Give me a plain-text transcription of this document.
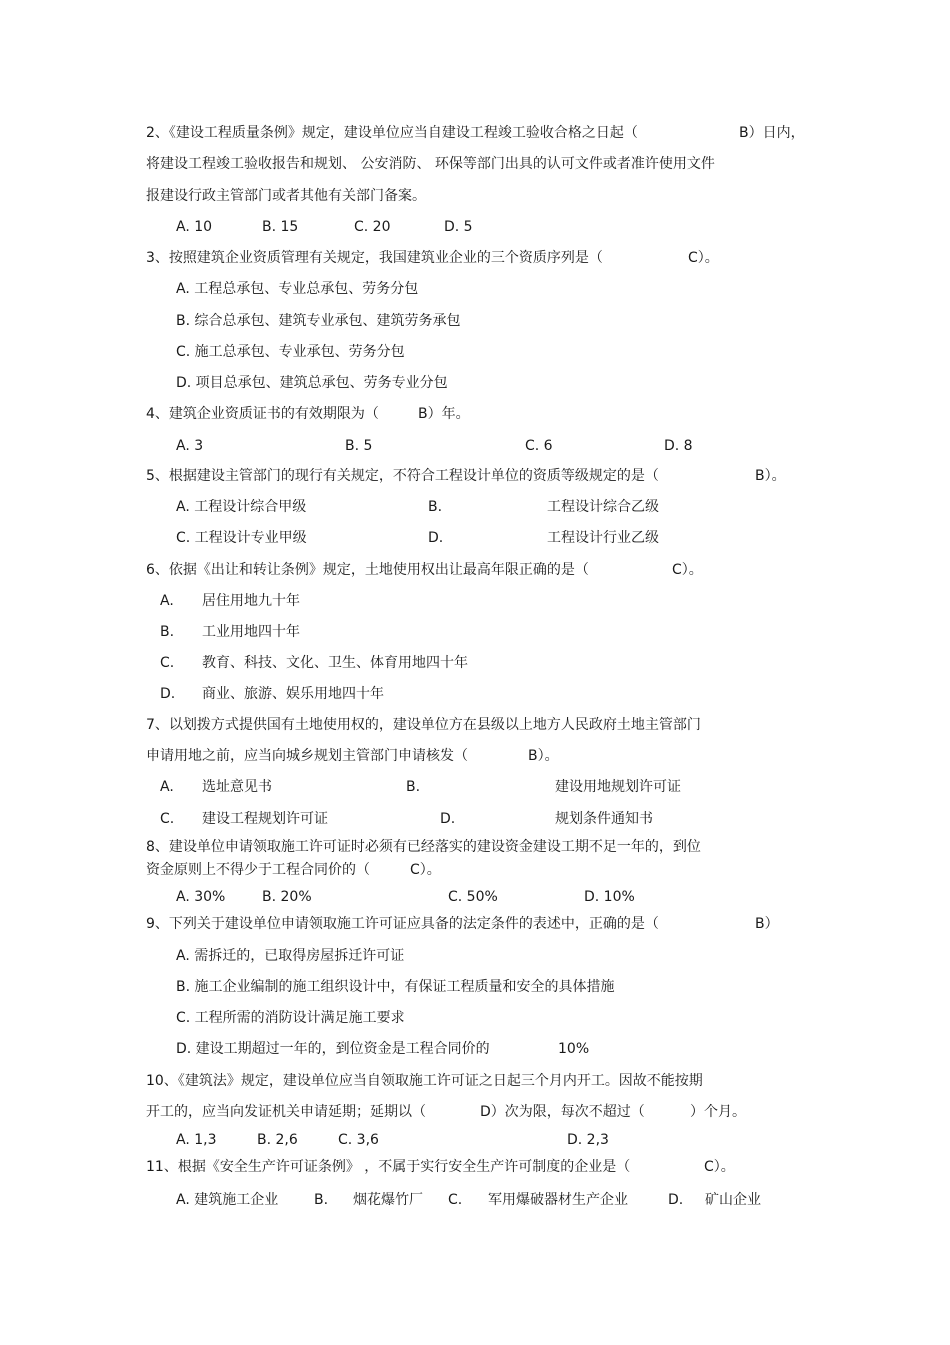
2、《建设工程质量条例》规定，建设单位应当自建设工程竣工验收合格之日起（	B）日内，
将建设工程竣工验收报告和规划、 公安消防、 环保等部门出具的认可文件或者准许使用文件
报建设行政主管部门或者其他有关部门备案。
A. 10	B. 15	C. 20	D. 5
3、按照建筑企业资质管理有关规定，我国建筑业企业的三个资质序列是（	C）。
A. 工程总承包、专业总承包、劳务分包
B. 综合总承包、建筑专业承包、建筑劳务承包
C. 施工总承包、专业承包、劳务分包
D. 项目总承包、建筑总承包、劳务专业分包
4、建筑企业资质证书的有效期限为（	B）年。
A. 3	B. 5	C. 6	D. 8
5、根据建设主管部门的现行有关规定，不符合工程设计单位的资质等级规定的是（	B）。
A. 工程设计综合甲级	B.	工程设计综合乙级
C. 工程设计专业甲级	D.	工程设计行业乙级
6、依据《出让和转让条例》规定，土地使用权出让最高年限正确的是（	C）。
A. 居住用地九十年
B. 工业用地四十年
C. 教育、科技、文化、卫生、体育用地四十年
D. 商业、旅游、娱乐用地四十年
7、以划拨方式提供国有土地使用权的，建设单位方在县级以上地方人民政府土地主管部门
申请用地之前，应当向城乡规划主管部门申请核发（	B）。
A. 选址意见书	B.	建设用地规划许可证
C. 建设工程规划许可证	D.	规划条件通知书
8、建设单位申请领取施工许可证时必须有已经落实的建设资金建设工期不足一年的，到位
资金原则上不得少于工程合同价的（	C）。
A. 30%	B. 20%	C. 50%	D. 10%
9、下列关于建设单位申请领取施工许可证应具备的法定条件的表述中，正确的是（	B）
A. 需拆迁的，已取得房屋拆迁许可证
B. 施工企业编制的施工组织设计中，有保证工程质量和安全的具体措施
C. 工程所需的消防设计满足施工要求
D. 建设工期超过一年的，到位资金是工程合同价的	10%
10、《建筑法》规定，建设单位应当自领取施工许可证之日起三个月内开工。因故不能按期
开工的，应当向发证机关申请延期；延期以（	D）次为限，每次不超过（	）个月。
A. 1,3	B. 2,6	C. 3,6	D. 2,3
11、根据《安全生产许可证条例》 ，不属于实行安全生产许可制度的企业是（	C）。
A. 建筑施工企业	B. 烟花爆竹厂 C. 军用爆破器材生产企业	D. 矿山企业
